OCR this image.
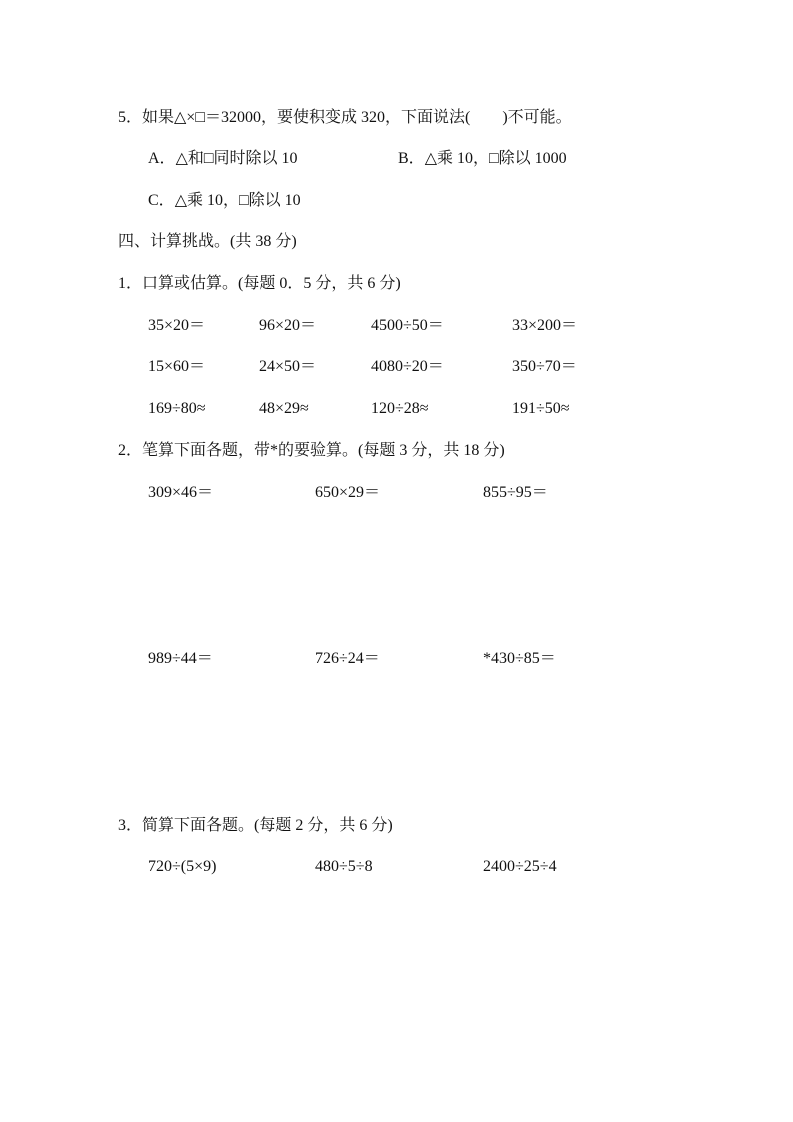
5．如果△×□＝32000，要使积变成 320，下面说法(　　)不可能。
A．△和□同时除以 10	B．△乘 10，□除以 1000
C．△乘 10，□除以 10
四、计算挑战。(共 38 分)
1．口算或估算。(每题 0．5 分，共 6 分)
35×20＝	96×20＝	4500÷50＝	33×200＝
15×60＝	24×50＝	4080÷20＝	350÷70＝
169÷80≈	48×29≈	120÷28≈	191÷50≈
2．笔算下面各题，带*的要验算。(每题 3 分，共 18 分)
309×46＝	650×29＝	855÷95＝
989÷44＝	726÷24＝	*430÷85＝
3．简算下面各题。(每题 2 分，共 6 分)
720÷(5×9)	480÷5÷8	2400÷25÷4
